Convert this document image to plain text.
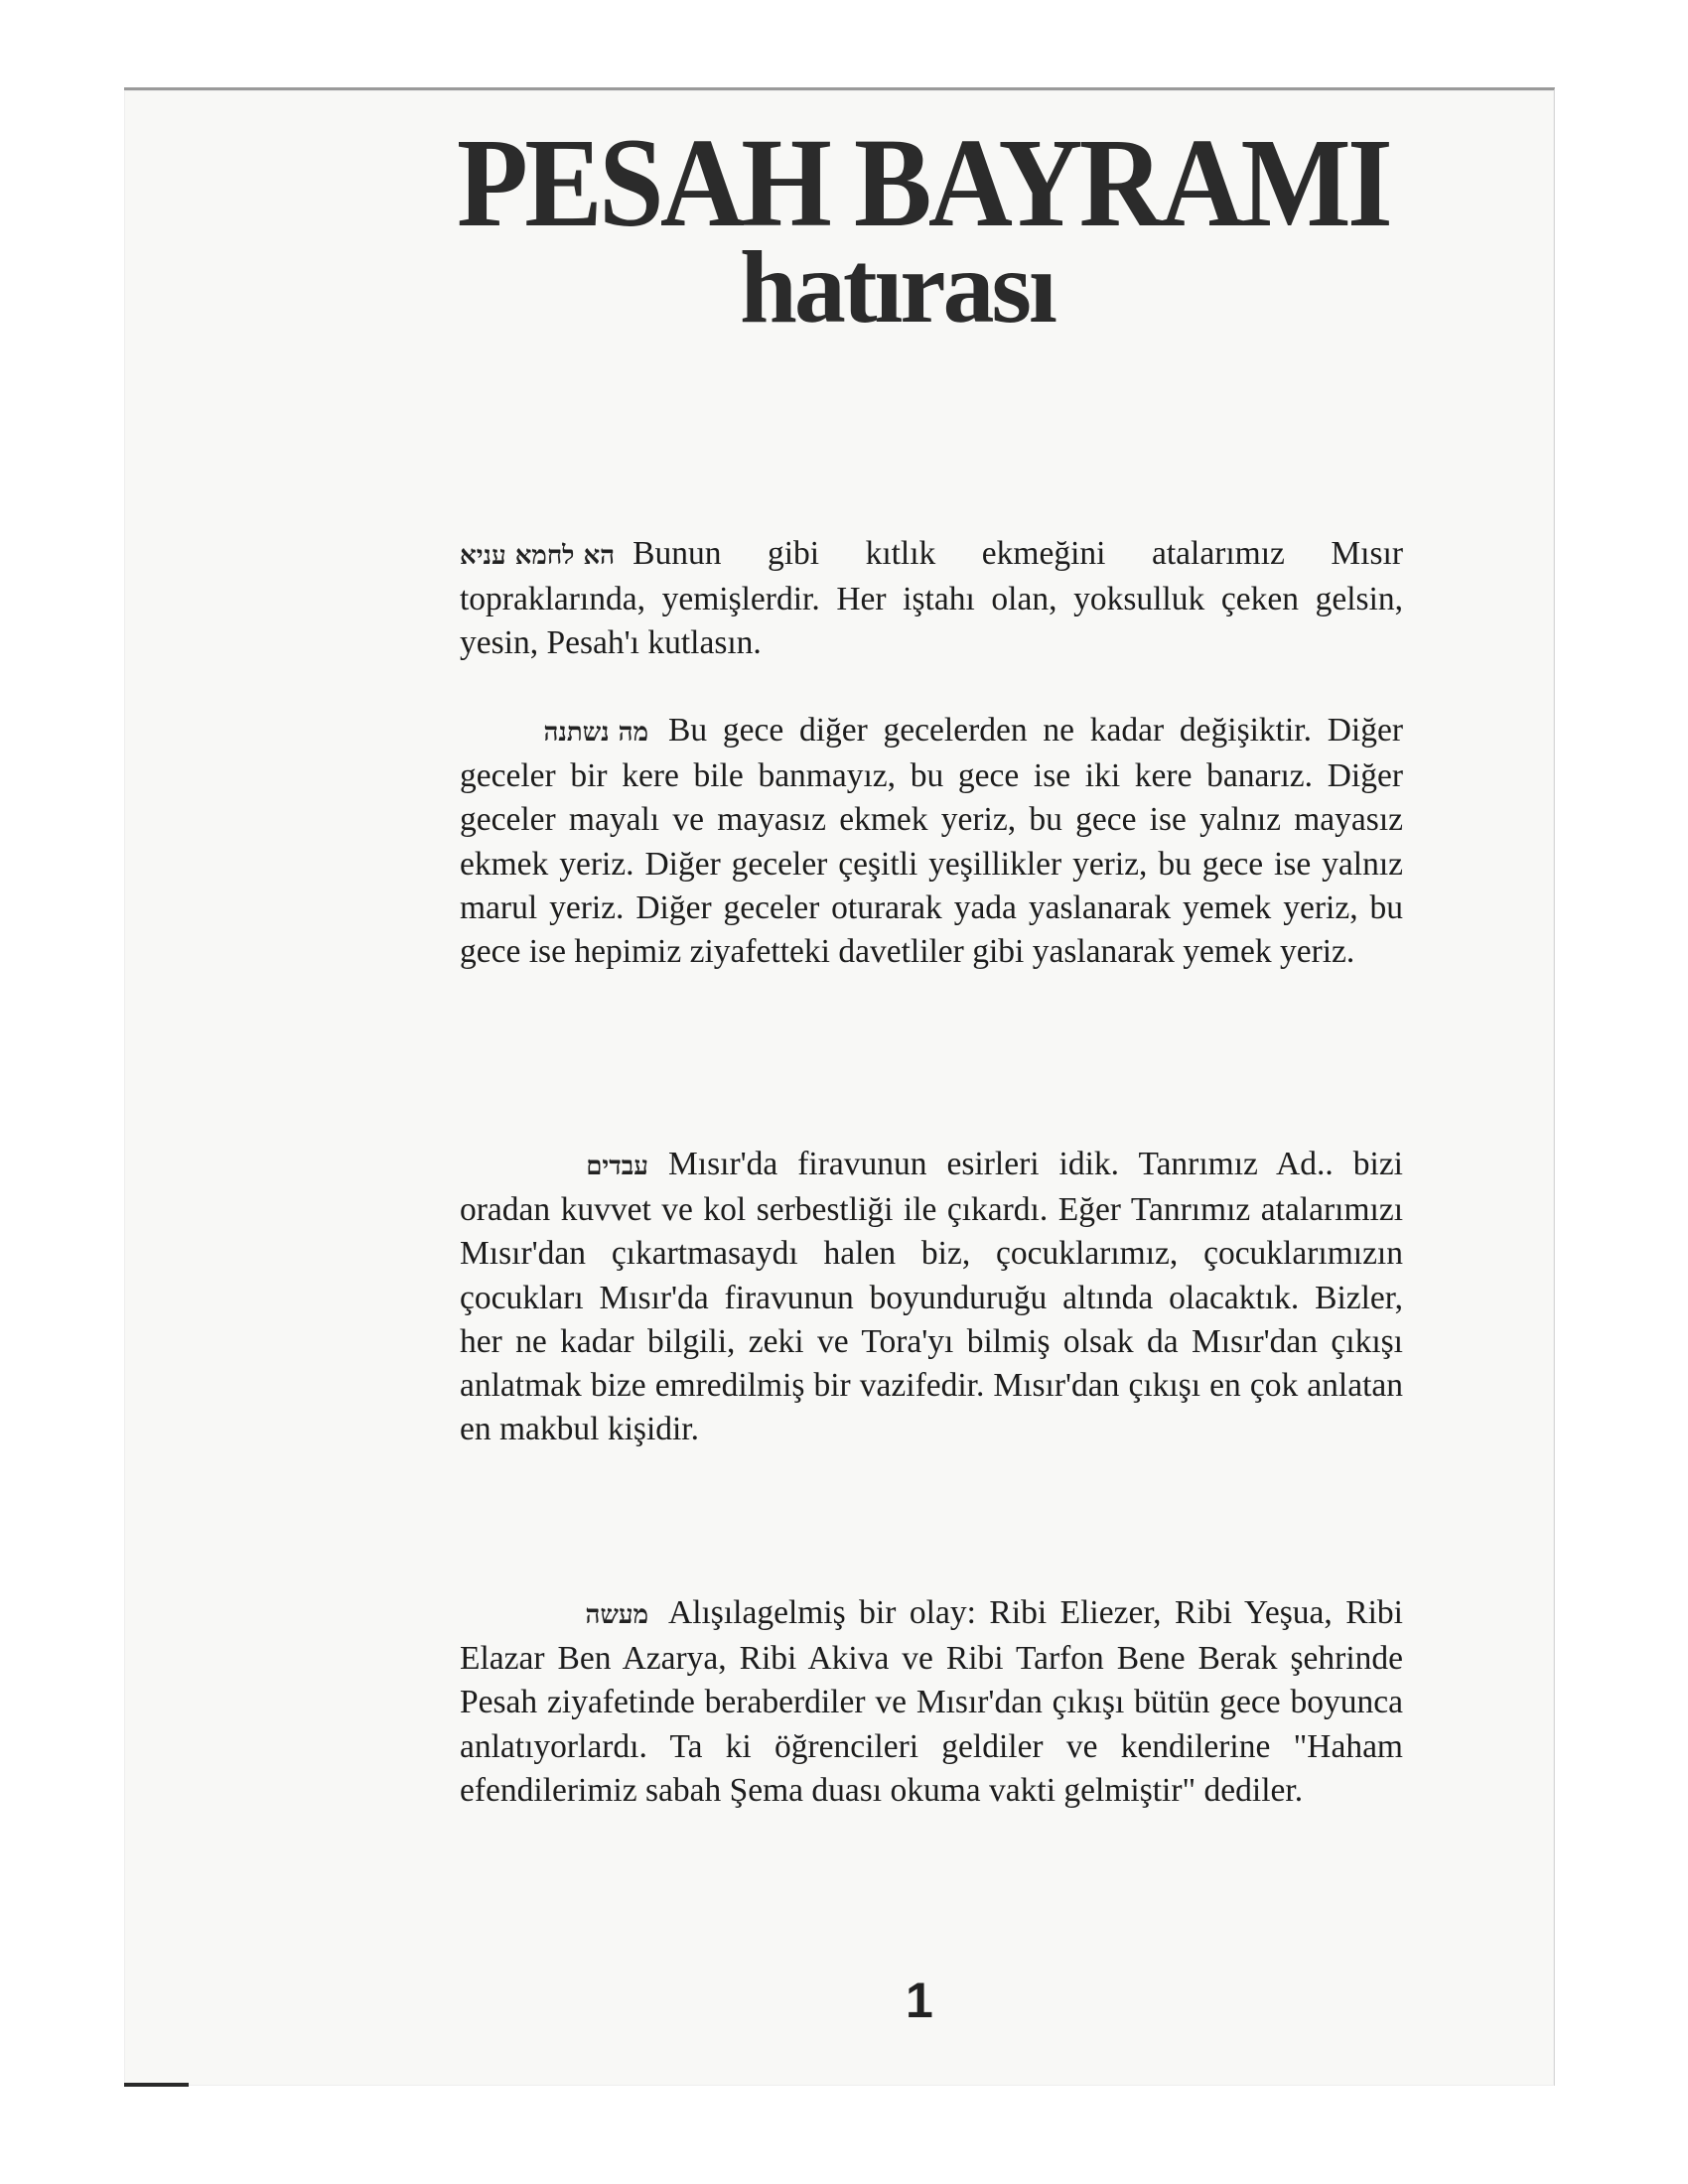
PESAH BAYRAMI
hatırası
הא לחמא עניא Bunun gibi kıtlık ekmeğini atalarımız Mısır topraklarında, yemişlerdir. Her iştahı olan, yoksulluk çeken gelsin, yesin, Pesah'ı kutlasın.
מה נשתנה Bu gece diğer gecelerden ne kadar değişiktir. Diğer geceler bir kere bile banmayız, bu gece ise iki kere banarız. Diğer geceler mayalı ve mayasız ekmek yeriz, bu gece ise yalnız mayasız ekmek yeriz. Diğer geceler çeşitli yeşillikler yeriz, bu gece ise yalnız marul yeriz. Diğer geceler oturarak yada yaslanarak yemek yeriz, bu gece ise hepimiz ziyafetteki davetliler gibi yaslanarak yemek yeriz.
עבדים Mısır'da firavunun esirleri idik. Tanrımız Ad.. bizi oradan kuvvet ve kol serbestliği ile çıkardı. Eğer Tanrımız atalarımızı Mısır'dan çıkartmasaydı halen biz, çocuklarımız, çocuklarımızın çocukları Mısır'da firavunun boyunduruğu altında olacaktık. Bizler, her ne kadar bilgili, zeki ve Tora'yı bilmiş olsak da Mısır'dan çıkışı anlatmak bize emredilmiş bir vazifedir. Mısır'dan çıkışı en çok anlatan en makbul kişidir.
מעשה Alışılagelmiş bir olay: Ribi Eliezer, Ribi Yeşua, Ribi Elazar Ben Azarya, Ribi Akiva ve Ribi Tarfon Bene Berak şehrinde Pesah ziyafetinde beraberdiler ve Mısır'dan çıkışı bütün gece boyunca anlatıyorlardı. Ta ki öğrencileri geldiler ve kendilerine "Haham efendilerimiz sabah Şema duası okuma vakti gelmiştir" dediler.
1
